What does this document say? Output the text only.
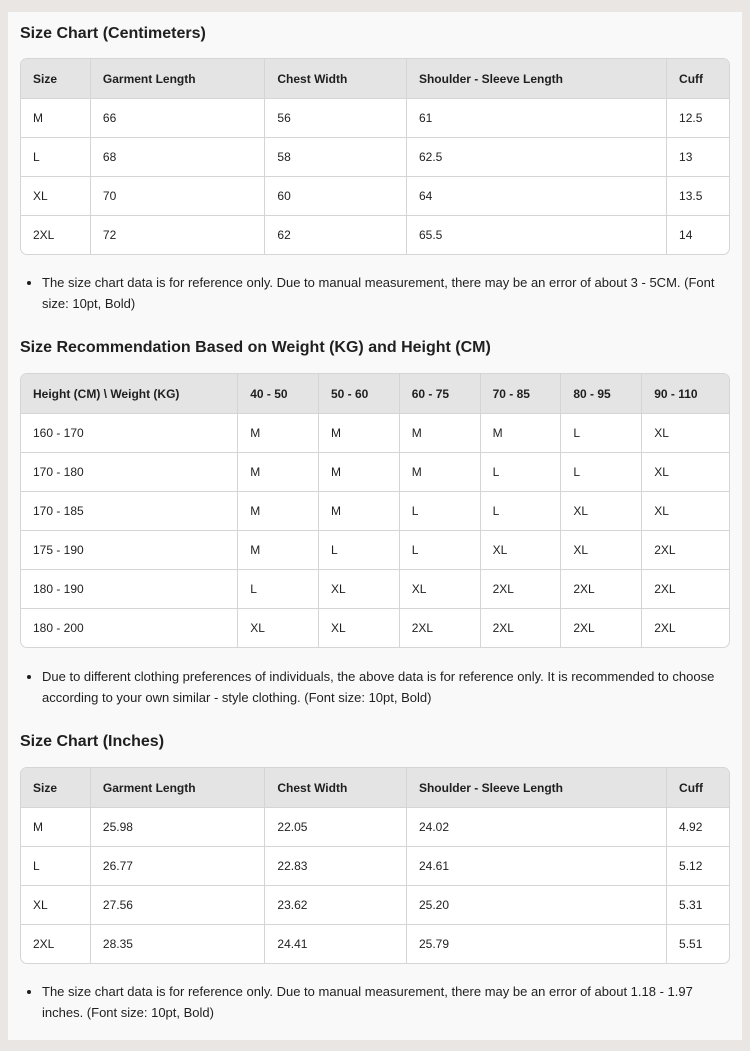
Size Chart (Centimeters)
Size	Garment Length	Chest Width	Shoulder - Sleeve Length	Cuff
M	66	56	61	12.5
L	68	58	62.5	13
XL	70	60	64	13.5
2XL	72	62	65.5	14
• The size chart data is for reference only. Due to manual measurement, there may be an error of about 3 - 5CM. (Font size: 10pt, Bold)
Size Recommendation Based on Weight (KG) and Height (CM)
Height (CM) \ Weight (KG)	40 - 50	50 - 60	60 - 75	70 - 85	80 - 95	90 - 110
160 - 170	M	M	M	M	L	XL
170 - 180	M	M	M	L	L	XL
170 - 185	M	M	L	L	XL	XL
175 - 190	M	L	L	XL	XL	2XL
180 - 190	L	XL	XL	2XL	2XL	2XL
180 - 200	XL	XL	2XL	2XL	2XL	2XL
• Due to different clothing preferences of individuals, the above data is for reference only. It is recommended to choose according to your own similar - style clothing. (Font size: 10pt, Bold)
Size Chart (Inches)
Size	Garment Length	Chest Width	Shoulder - Sleeve Length	Cuff
M	25.98	22.05	24.02	4.92
L	26.77	22.83	24.61	5.12
XL	27.56	23.62	25.20	5.31
2XL	28.35	24.41	25.79	5.51
• The size chart data is for reference only. Due to manual measurement, there may be an error of about 1.18 - 1.97 inches. (Font size: 10pt, Bold)
